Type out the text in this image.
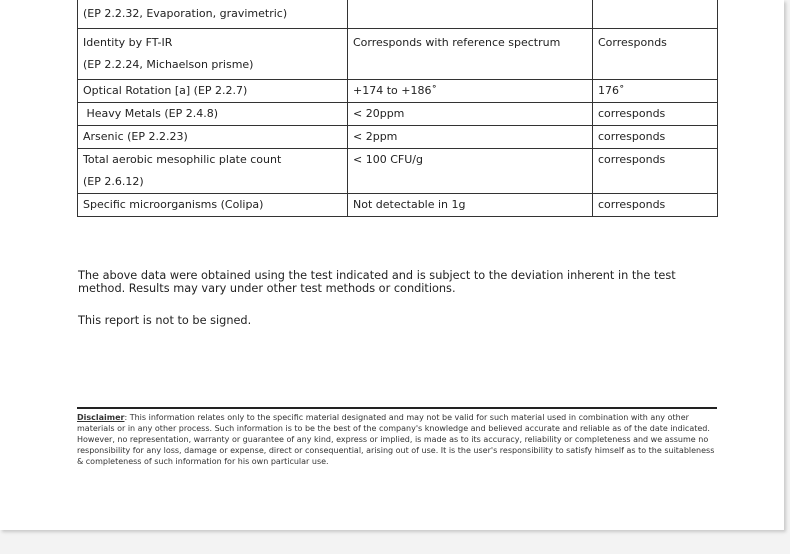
(EP 2.2.32, Evaporation, gravimetric)		

Identity by FT-IR
(EP 2.2.24, Michaelson prisme)	Corresponds with reference spectrum	Corresponds

Optical Rotation [a] (EP 2.2.7)	+174 to +186˚	176˚
Heavy Metals (EP 2.4.8)	< 20ppm	corresponds
Arsenic (EP 2.2.23)	< 2ppm	corresponds

Total aerobic mesophilic plate count
(EP 2.6.12)	< 100 CFU/g	corresponds

Specific microorganisms (Colipa)	Not detectable in 1g	corresponds
The above data were obtained using the test indicated and is subject to the deviation inherent in the test method. Results may vary under other test methods or conditions.
This report is not to be signed.
Disclaimer: This information relates only to the specific material designated and may not be valid for such material used in combination with any other materials or in any other process. Such information is to be the best of the company's knowledge and believed accurate and reliable as of the date indicated. However, no representation, warranty or guarantee of any kind, express or implied, is made as to its accuracy, reliability or completeness and we assume no responsibility for any loss, damage or expense, direct or consequential, arising out of use. It is the user's responsibility to satisfy himself as to the suitableness & completeness of such information for his own particular use.
